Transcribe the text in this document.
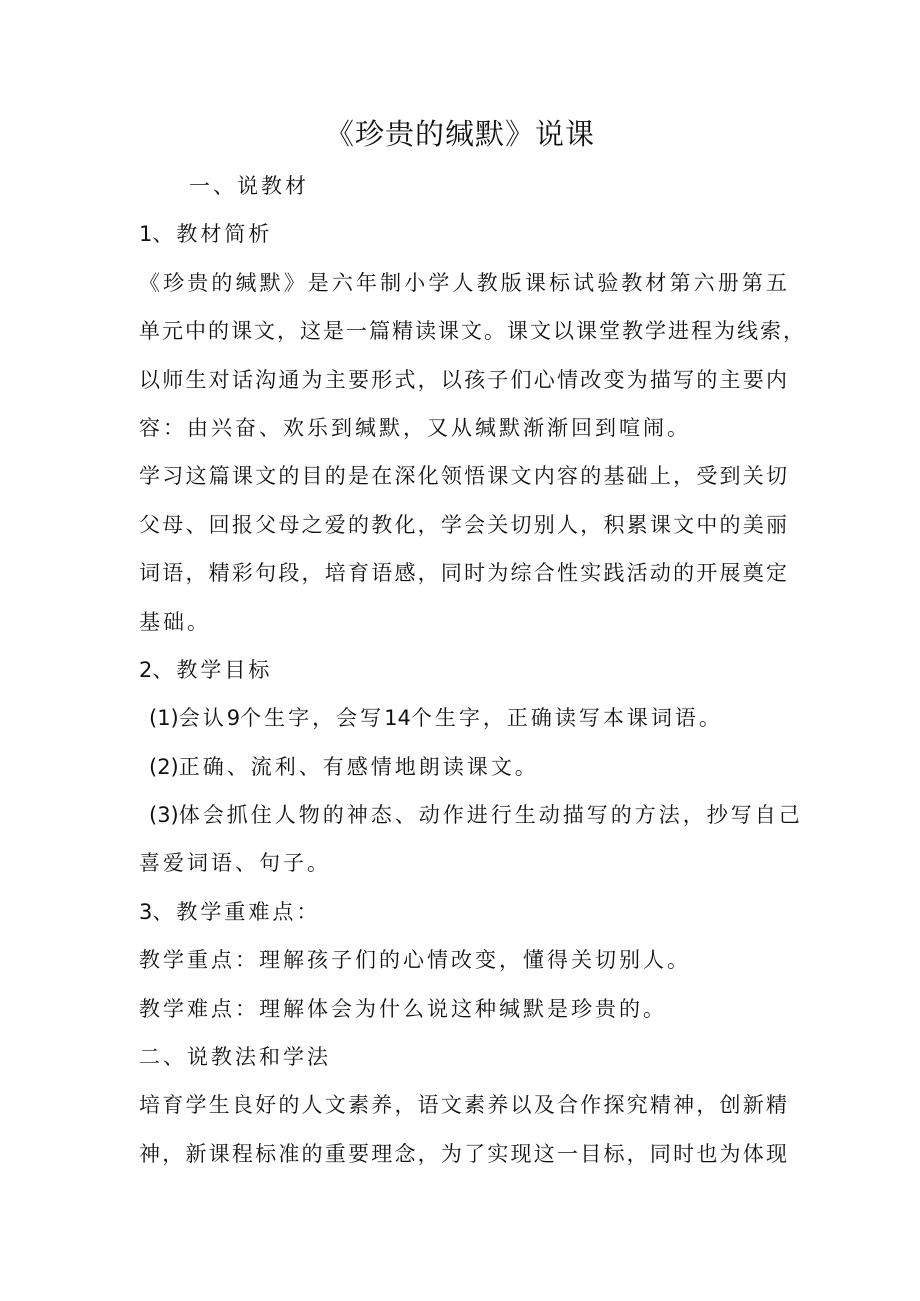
《珍贵的缄默》说课
一、说教材
1、教材简析
《珍贵的缄默》是六年制小学人教版课标试验教材第六册第五
单元中的课文，这是一篇精读课文。课文以课堂教学进程为线索，
以师生对话沟通为主要形式，以孩子们心情改变为描写的主要内
容：由兴奋、欢乐到缄默，又从缄默渐渐回到喧闹。
学习这篇课文的目的是在深化领悟课文内容的基础上，受到关切
父母、回报父母之爱的教化，学会关切别人，积累课文中的美丽
词语，精彩句段，培育语感，同时为综合性实践活动的开展奠定
基础。
2、教学目标
(1)会认9个生字，会写14个生字，正确读写本课词语。
(2)正确、流利、有感情地朗读课文。
(3)体会抓住人物的神态、动作进行生动描写的方法，抄写自己
喜爱词语、句子。
3、教学重难点：
教学重点：理解孩子们的心情改变，懂得关切别人。
教学难点：理解体会为什么说这种缄默是珍贵的。
二、说教法和学法
培育学生良好的人文素养，语文素养以及合作探究精神，创新精
神，新课程标准的重要理念，为了实现这一目标，同时也为体现
